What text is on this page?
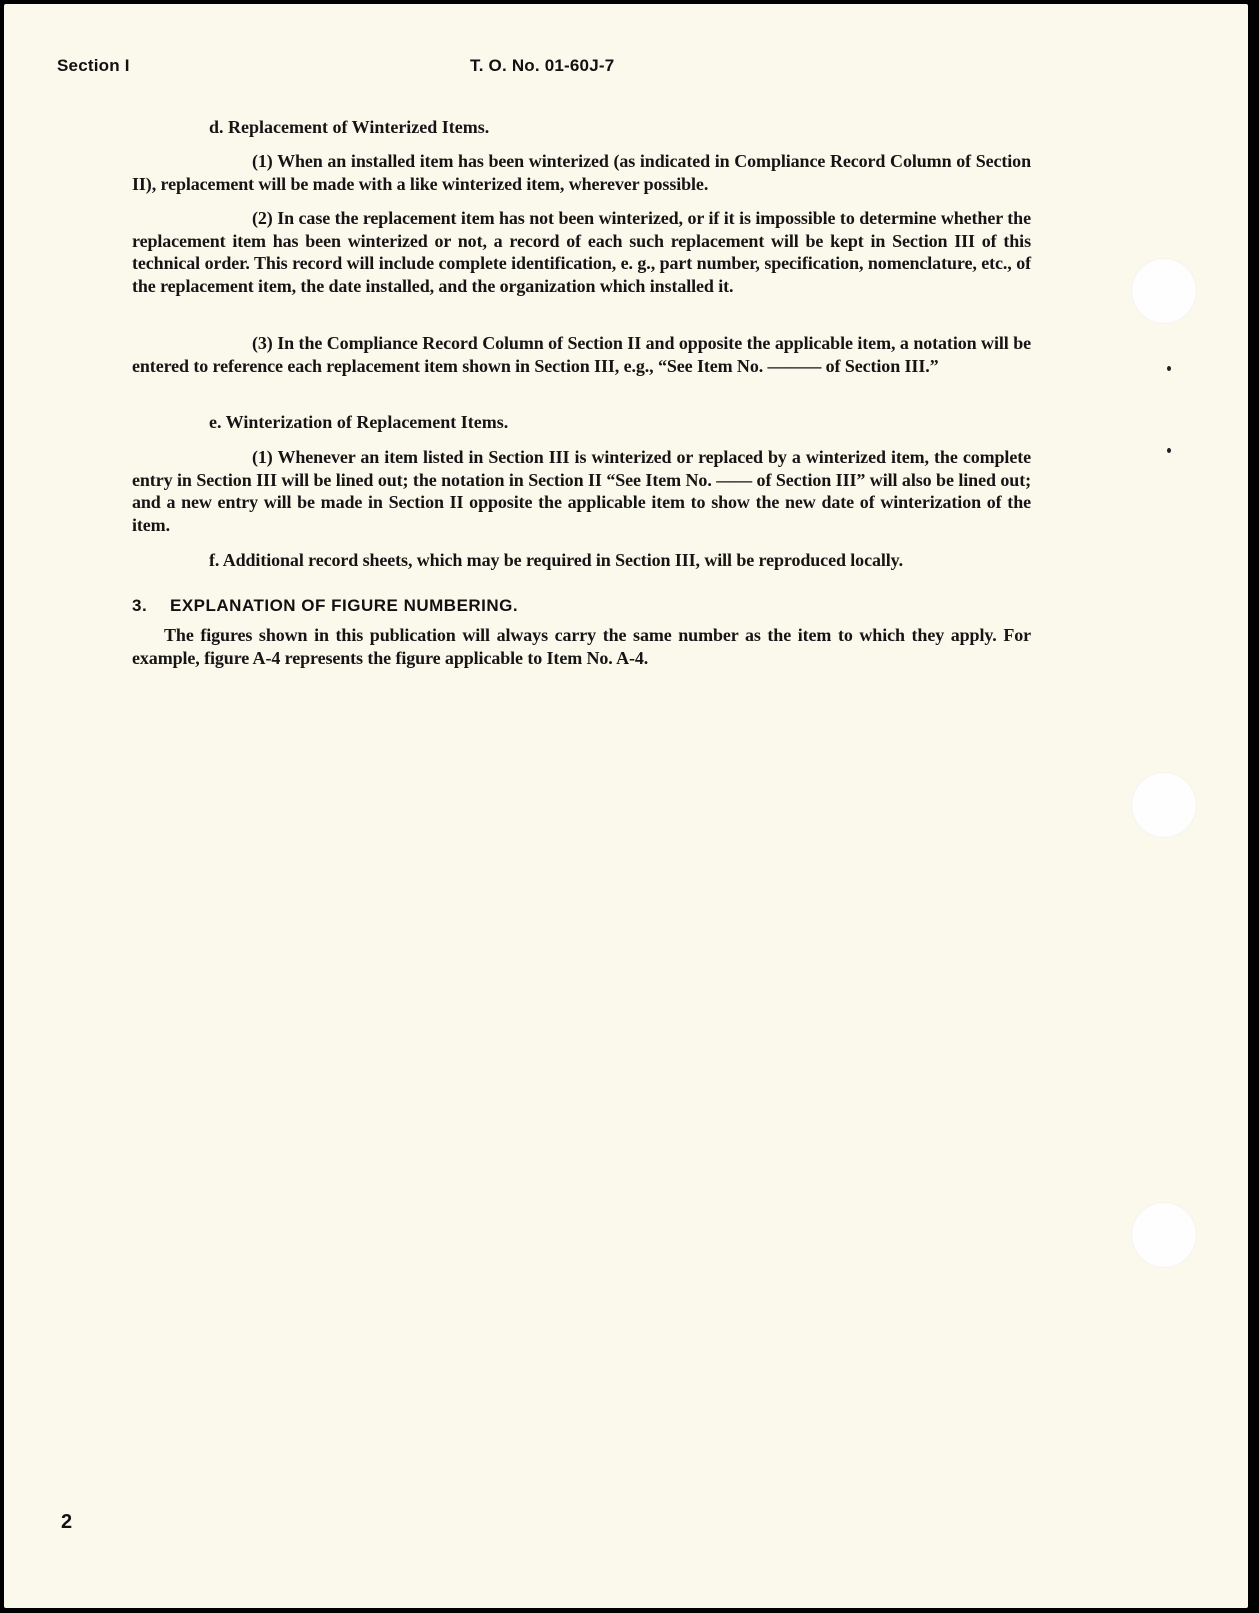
Section I	T. O. No. 01-60J-7
d. Replacement of Winterized Items.
(1) When an installed item has been winterized (as indicated in Compliance Record Column of Section II), replacement will be made with a like winterized item, wherever possible.
(2) In case the replacement item has not been winterized, or if it is impossible to determine whether the replacement item has been winterized or not, a record of each such replacement will be kept in Section III of this technical order. This record will include complete identification, e. g., part number, specification, nomenclature, etc., of the replacement item, the date installed, and the organization which installed it.
(3) In the Compliance Record Column of Section II and opposite the applicable item, a notation will be entered to reference each replacement item shown in Section III, e.g., “See Item No. ——— of Section III.”
e. Winterization of Replacement Items.
(1) Whenever an item listed in Section III is winterized or replaced by a winterized item, the complete entry in Section III will be lined out; the notation in Section II “See Item No. —— of Section III” will also be lined out; and a new entry will be made in Section II opposite the applicable item to show the new date of winterization of the item.
f. Additional record sheets, which may be required in Section III, will be reproduced locally.
3. EXPLANATION OF FIGURE NUMBERING.
The figures shown in this publication will always carry the same number as the item to which they apply. For example, figure A-4 represents the figure applicable to Item No. A-4.
2
